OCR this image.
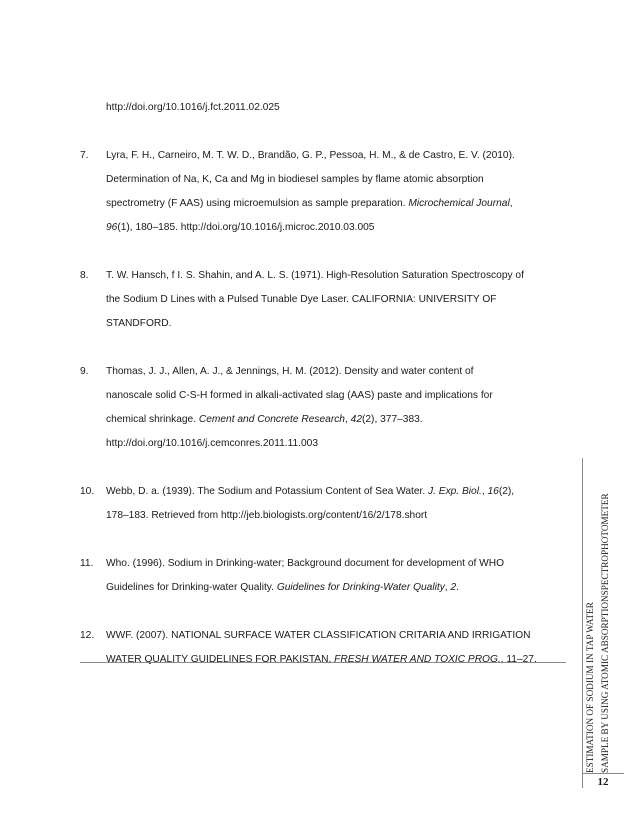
http://doi.org/10.1016/j.fct.2011.02.025
7. Lyra, F. H., Carneiro, M. T. W. D., Brandão, G. P., Pessoa, H. M., & de Castro, E. V. (2010).
Determination of Na, K, Ca and Mg in biodiesel samples by flame atomic absorption
spectrometry (F AAS) using microemulsion as sample preparation. Microchemical Journal,
96(1), 180–185. http://doi.org/10.1016/j.microc.2010.03.005
8. T. W. Hansch, f I. S. Shahin, and A. L. S. (1971). High-Resolution Saturation Spectroscopy of
the Sodium D Lines with a Pulsed Tunable Dye Laser. CALIFORNIA: UNIVERSITY OF
STANDFORD.
9. Thomas, J. J., Allen, A. J., & Jennings, H. M. (2012). Density and water content of
nanoscale solid C-S-H formed in alkali-activated slag (AAS) paste and implications for
chemical shrinkage. Cement and Concrete Research, 42(2), 377–383.
http://doi.org/10.1016/j.cemconres.2011.11.003
10. Webb, D. a. (1939). The Sodium and Potassium Content of Sea Water. J. Exp. Biol., 16(2),
178–183. Retrieved from http://jeb.biologists.org/content/16/2/178.short
11. Who. (1996). Sodium in Drinking-water; Background document for development of WHO
Guidelines for Drinking-water Quality. Guidelines for Drinking-Water Quality, 2.
12. WWF. (2007). NATIONAL SURFACE WATER CLASSIFICATION CRITARIA AND IRRIGATION
WATER QUALITY GUIDELINES FOR PAKISTAN. FRESH WATER AND TOXIC PROG., 11–27.	ESTIMATION OF SODIUM IN TAP WATER SAMPLE BY USING ATOMIC ABSORPTIONSPECTROPHOTOMETER
12
